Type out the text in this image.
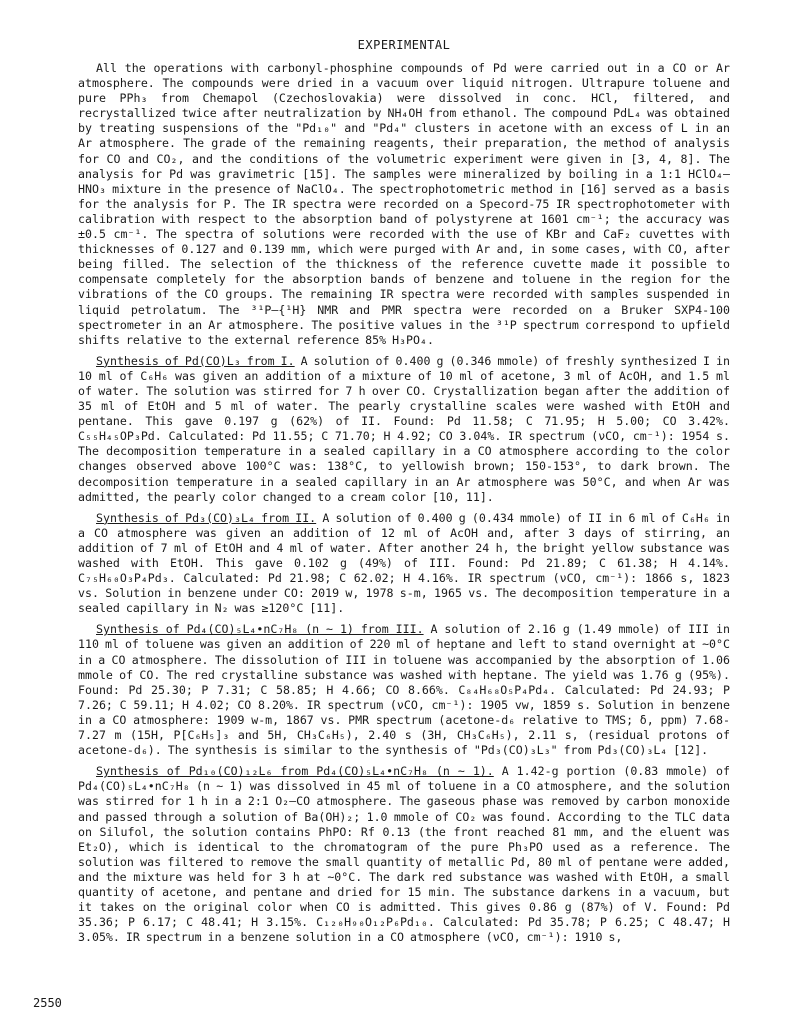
EXPERIMENTAL

All the operations with carbonyl-phosphine compounds of Pd were carried out in a CO or Ar atmosphere. The compounds were dried in a vacuum over liquid nitrogen. Ultrapure toluene and pure PPh₃ from Chemapol (Czechoslovakia) were dissolved in conc. HCl, filtered, and recrystallized twice after neutralization by NH₄OH from ethanol. The compound PdL₄ was obtained by treating suspensions of the "Pd₁₀" and "Pd₄" clusters in acetone with an excess of L in an Ar atmosphere. The grade of the remaining reagents, their preparation, the method of analysis for CO and CO₂, and the conditions of the volumetric experiment were given in [3, 4, 8]. The analysis for Pd was gravimetric [15]. The samples were mineralized by boiling in a 1:1 HClO₄–HNO₃ mixture in the presence of NaClO₄. The spectrophotometric method in [16] served as a basis for the analysis for P. The IR spectra were recorded on a Specord-75 IR spectrophotometer with calibration with respect to the absorption band of polystyrene at 1601 cm⁻¹; the accuracy was ±0.5 cm⁻¹. The spectra of solutions were recorded with the use of KBr and CaF₂ cuvettes with thicknesses of 0.127 and 0.139 mm, which were purged with Ar and, in some cases, with CO, after being filled. The selection of the thickness of the reference cuvette made it possible to compensate completely for the absorption bands of benzene and toluene in the region for the vibrations of the CO groups. The remaining IR spectra were recorded with samples suspended in liquid petrolatum. The ³¹P–{¹H} NMR and PMR spectra were recorded on a Bruker SXP4-100 spectrometer in an Ar atmosphere. The positive values in the ³¹P spectrum correspond to upfield shifts relative to the external reference 85% H₃PO₄.

Synthesis of Pd(CO)L₃ from I. A solution of 0.400 g (0.346 mmole) of freshly synthesized I in 10 ml of C₆H₆ was given an addition of a mixture of 10 ml of acetone, 3 ml of AcOH, and 1.5 ml of water. The solution was stirred for 7 h over CO. Crystallization began after the addition of 35 ml of EtOH and 5 ml of water. The pearly crystalline scales were washed with EtOH and pentane. This gave 0.197 g (62%) of II. Found: Pd 11.58; C 71.95; H 5.00; CO 3.42%. C₅₅H₄₅OP₃Pd. Calculated: Pd 11.55; C 71.70; H 4.92; CO 3.04%. IR spectrum (νCO, cm⁻¹): 1954 s. The decomposition temperature in a sealed capillary in a CO atmosphere according to the color changes observed above 100°C was: 138°C, to yellowish brown; 150-153°, to dark brown. The decomposition temperature in a sealed capillary in an Ar atmosphere was 50°C, and when Ar was admitted, the pearly color changed to a cream color [10, 11].

Synthesis of Pd₃(CO)₃L₄ from II. A solution of 0.400 g (0.434 mmole) of II in 6 ml of C₆H₆ in a CO atmosphere was given an addition of 12 ml of AcOH and, after 3 days of stirring, an addition of 7 ml of EtOH and 4 ml of water. After another 24 h, the bright yellow substance was washed with EtOH. This gave 0.102 g (49%) of III. Found: Pd 21.89; C 61.38; H 4.14%. C₇₅H₆₀O₃P₄Pd₃. Calculated: Pd 21.98; C 62.02; H 4.16%. IR spectrum (νCO, cm⁻¹): 1866 s, 1823 vs. Solution in benzene under CO: 2019 w, 1978 s-m, 1965 vs. The decomposition temperature in a sealed capillary in N₂ was ≥120°C [11].

Synthesis of Pd₄(CO)₅L₄•nC₇H₈ (n ~ 1) from III. A solution of 2.16 g (1.49 mmole) of III in 110 ml of toluene was given an addition of 220 ml of heptane and left to stand overnight at ~0°C in a CO atmosphere. The dissolution of III in toluene was accompanied by the absorption of 1.06 mmole of CO. The red crystalline substance was washed with heptane. The yield was 1.76 g (95%). Found: Pd 25.30; P 7.31; C 58.85; H 4.66; CO 8.66%. C₈₄H₆₈O₅P₄Pd₄. Calculated: Pd 24.93; P 7.26; C 59.11; H 4.02; CO 8.20%. IR spectrum (νCO, cm⁻¹): 1905 vw, 1859 s. Solution in benzene in a CO atmosphere: 1909 w-m, 1867 vs. PMR spectrum (acetone-d₆ relative to TMS; δ, ppm) 7.68-7.27 m (15H, P[C₆H₅]₃ and 5H, CH₃C₆H₅), 2.40 s (3H, CH₃C₆H₅), 2.11 s, (residual protons of acetone-d₆). The synthesis is similar to the synthesis of "Pd₃(CO)₃L₃" from Pd₃(CO)₃L₄ [12].

Synthesis of Pd₁₀(CO)₁₂L₆ from Pd₄(CO)₅L₄•nC₇H₈ (n ~ 1). A 1.42-g portion (0.83 mmole) of Pd₄(CO)₅L₄•nC₇H₈ (n ~ 1) was dissolved in 45 ml of toluene in a CO atmosphere, and the solution was stirred for 1 h in a 2:1 O₂–CO atmosphere. The gaseous phase was removed by carbon monoxide and passed through a solution of Ba(OH)₂; 1.0 mmole of CO₂ was found. According to the TLC data on Silufol, the solution contains PhPO: Rf 0.13 (the front reached 81 mm, and the eluent was Et₂O), which is identical to the chromatogram of the pure Ph₃PO used as a reference. The solution was filtered to remove the small quantity of metallic Pd, 80 ml of pentane were added, and the mixture was held for 3 h at ~0°C. The dark red substance was washed with EtOH, a small quantity of acetone, and pentane and dried for 15 min. The substance darkens in a vacuum, but it takes on the original color when CO is admitted. This gives 0.86 g (87%) of V. Found: Pd 35.36; P 6.17; C 48.41; H 3.15%. C₁₂₀H₉₀O₁₂P₆Pd₁₀. Calculated: Pd 35.78; P 6.25; C 48.47; H 3.05%. IR spectrum in a benzene solution in a CO atmosphere (νCO, cm⁻¹): 1910 s,

2550
